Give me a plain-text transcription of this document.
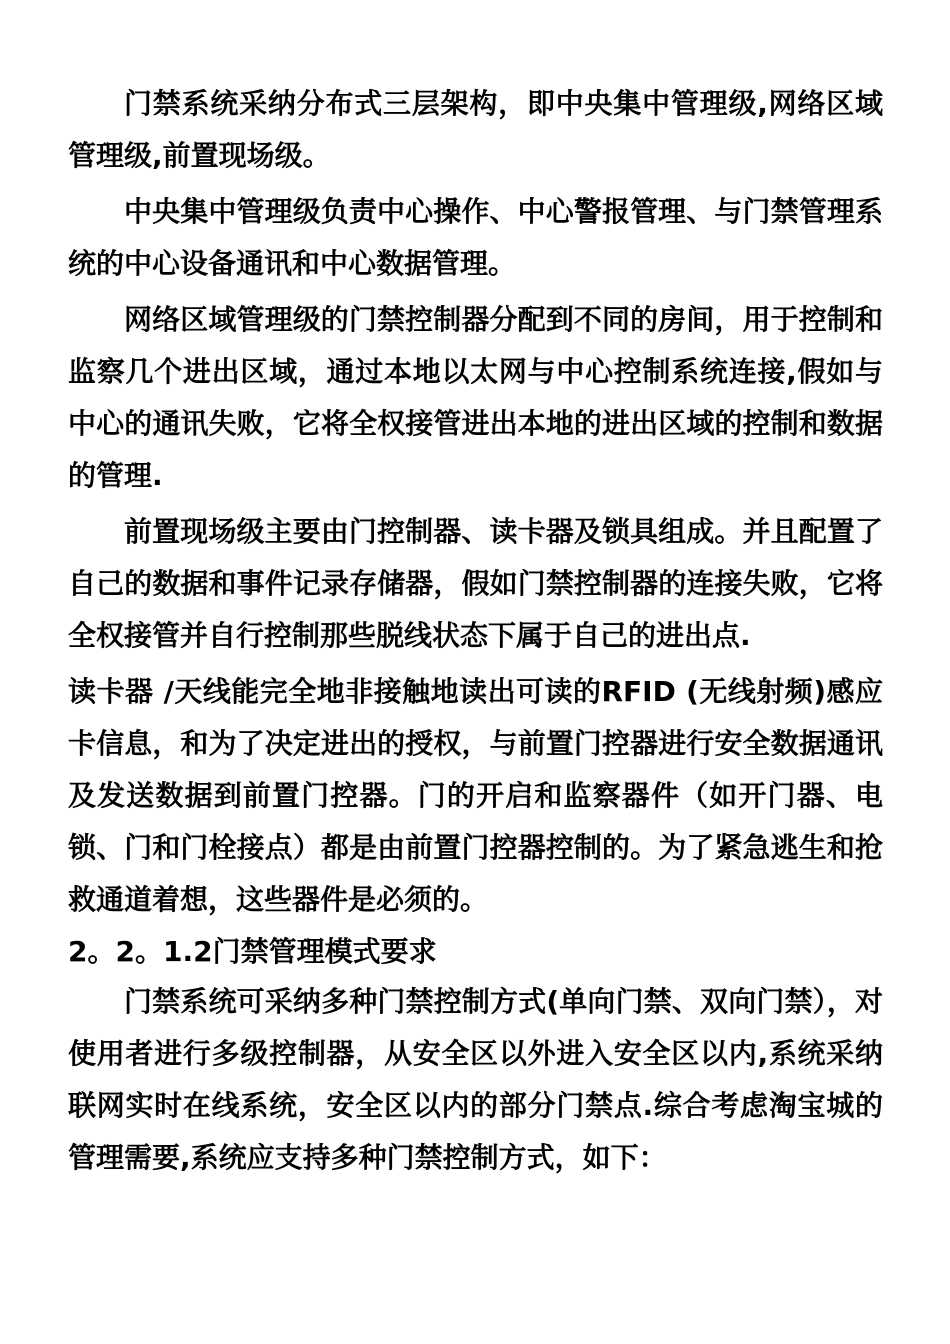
门禁系统采纳分布式三层架构，即中央集中管理级,网络区域管理级,前置现场级。

中央集中管理级负责中心操作、中心警报管理、与门禁管理系统的中心设备通讯和中心数据管理。

网络区域管理级的门禁控制器分配到不同的房间，用于控制和监察几个进出区域，通过本地以太网与中心控制系统连接,假如与中心的通讯失败，它将全权接管进出本地的进出区域的控制和数据的管理.

前置现场级主要由门控制器、读卡器及锁具组成。并且配置了自己的数据和事件记录存储器，假如门禁控制器的连接失败，它将全权接管并自行控制那些脱线状态下属于自己的进出点.

读卡器 /天线能完全地非接触地读出可读的RFID (无线射频)感应卡信息，和为了决定进出的授权，与前置门控器进行安全数据通讯及发送数据到前置门控器。门的开启和监察器件（如开门器、电锁、门和门栓接点）都是由前置门控器控制的。为了紧急逃生和抢救通道着想，这些器件是必须的。

2。2。1.2门禁管理模式要求

门禁系统可采纳多种门禁控制方式(单向门禁、双向门禁），对使用者进行多级控制器，从安全区以外进入安全区以内,系统采纳联网实时在线系统，安全区以内的部分门禁点.综合考虑淘宝城的管理需要,系统应支持多种门禁控制方式，如下：
